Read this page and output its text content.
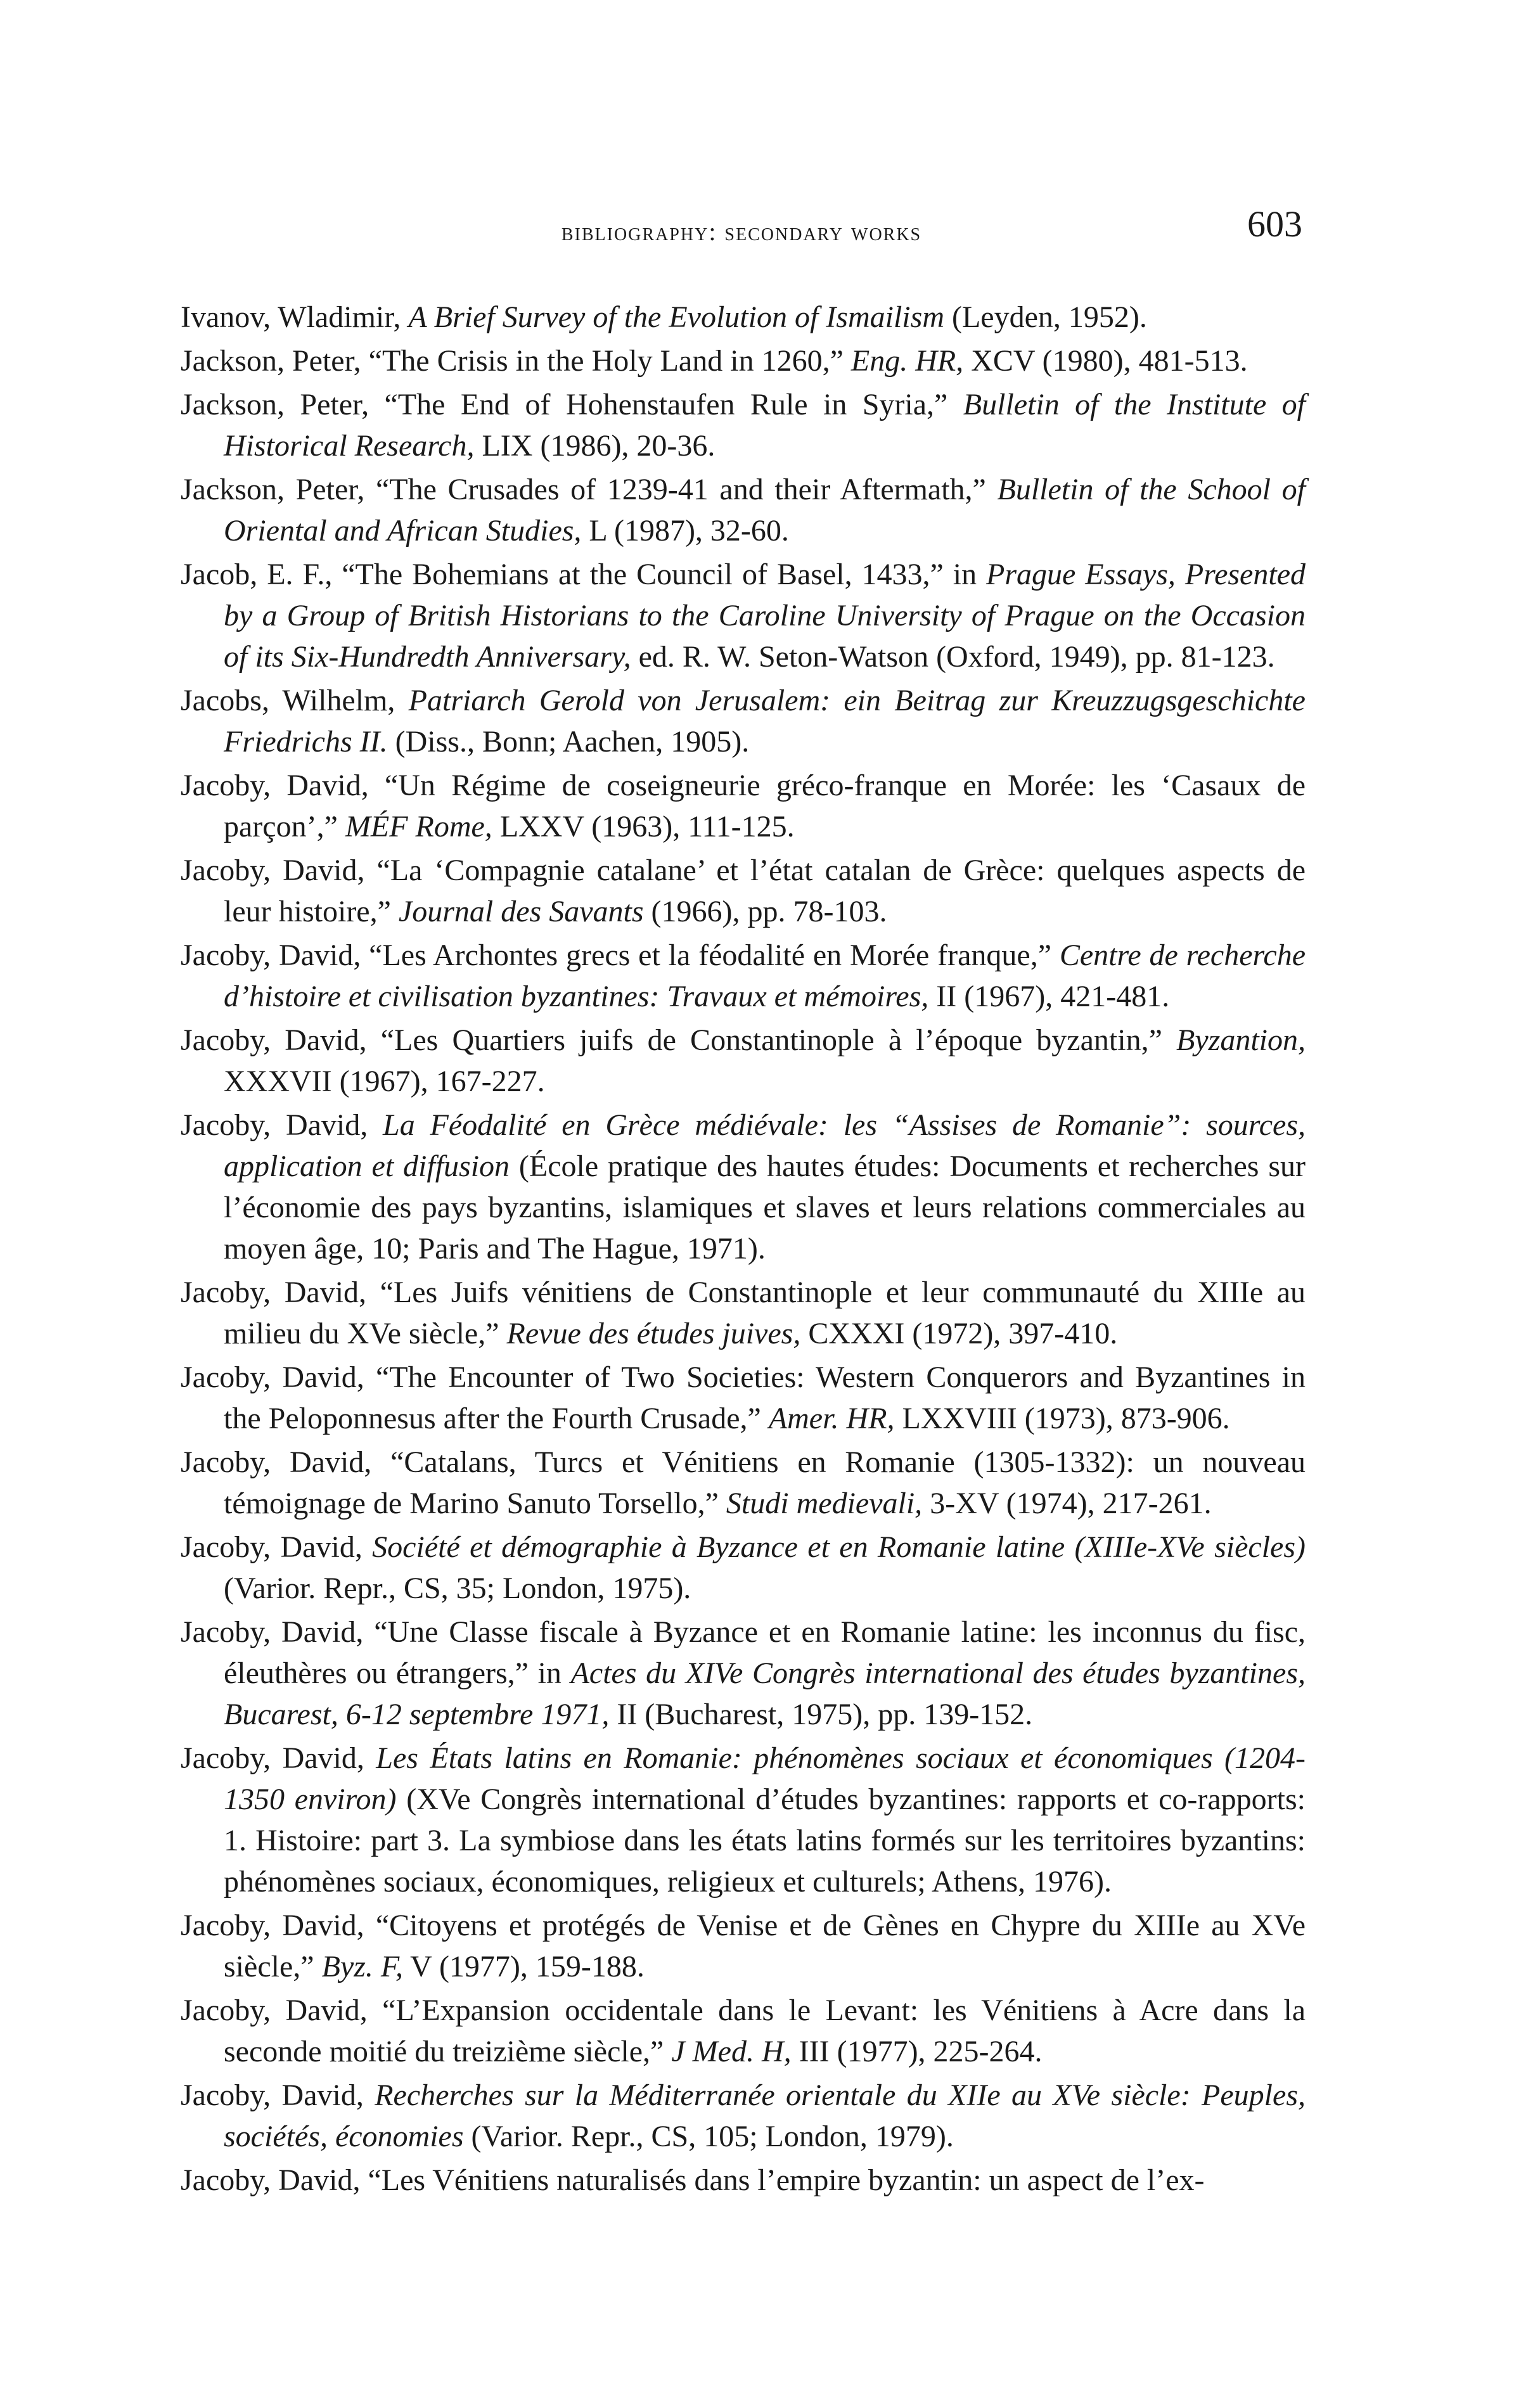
bibliography: secondary works	603

Ivanov, Wladimir, A Brief Survey of the Evolution of Ismailism (Leyden, 1952).

Jackson, Peter, “The Crisis in the Holy Land in 1260,” Eng. HR, XCV (1980), 481-513.

Jackson, Peter, “The End of Hohenstaufen Rule in Syria,” Bulletin of the Institute of Historical Research, LIX (1986), 20-36.

Jackson, Peter, “The Crusades of 1239-41 and their Aftermath,” Bulletin of the School of Oriental and African Studies, L (1987), 32-60.

Jacob, E. F., “The Bohemians at the Council of Basel, 1433,” in Prague Essays, Presented by a Group of British Historians to the Caroline University of Prague on the Occasion of its Six-Hundredth Anniversary, ed. R. W. Seton-Watson (Oxford, 1949), pp. 81-123.

Jacobs, Wilhelm, Patriarch Gerold von Jerusalem: ein Beitrag zur Kreuzzugsgeschichte Friedrichs II. (Diss., Bonn; Aachen, 1905).

Jacoby, David, “Un Régime de coseigneurie gréco-franque en Morée: les ‘Casaux de parçon’,” MÉF Rome, LXXV (1963), 111-125.

Jacoby, David, “La ‘Compagnie catalane’ et l’état catalan de Grèce: quelques aspects de leur histoire,” Journal des Savants (1966), pp. 78-103.

Jacoby, David, “Les Archontes grecs et la féodalité en Morée franque,” Centre de recherche d’histoire et civilisation byzantines: Travaux et mémoires, II (1967), 421-481.

Jacoby, David, “Les Quartiers juifs de Constantinople à l’époque byzantin,” Byzantion, XXXVII (1967), 167-227.

Jacoby, David, La Féodalité en Grèce médiévale: les “Assises de Romanie”: sources, application et diffusion (École pratique des hautes études: Documents et recherches sur l’économie des pays byzantins, islamiques et slaves et leurs relations commerciales au moyen âge, 10; Paris and The Hague, 1971).

Jacoby, David, “Les Juifs vénitiens de Constantinople et leur communauté du XIIIe au milieu du XVe siècle,” Revue des études juives, CXXXI (1972), 397-410.

Jacoby, David, “The Encounter of Two Societies: Western Conquerors and Byzantines in the Peloponnesus after the Fourth Crusade,” Amer. HR, LXXVIII (1973), 873-906.

Jacoby, David, “Catalans, Turcs et Vénitiens en Romanie (1305-1332): un nouveau témoignage de Marino Sanuto Torsello,” Studi medievali, 3-XV (1974), 217-261.

Jacoby, David, Société et démographie à Byzance et en Romanie latine (XIIIe-XVe siècles) (Varior. Repr., CS, 35; London, 1975).

Jacoby, David, “Une Classe fiscale à Byzance et en Romanie latine: les inconnus du fisc, éleuthères ou étrangers,” in Actes du XIVe Congrès international des études byzantines, Bucarest, 6-12 septembre 1971, II (Bucharest, 1975), pp. 139-152.

Jacoby, David, Les États latins en Romanie: phénomènes sociaux et économiques (1204-1350 environ) (XVe Congrès international d’études byzantines: rapports et co-rapports: 1. Histoire: part 3. La symbiose dans les états latins formés sur les territoires byzantins: phénomènes sociaux, économiques, religieux et culturels; Athens, 1976).

Jacoby, David, “Citoyens et protégés de Venise et de Gènes en Chypre du XIIIe au XVe siècle,” Byz. F, V (1977), 159-188.

Jacoby, David, “L’Expansion occidentale dans le Levant: les Vénitiens à Acre dans la seconde moitié du treizième siècle,” J Med. H, III (1977), 225-264.

Jacoby, David, Recherches sur la Méditerranée orientale du XIIe au XVe siècle: Peuples, sociétés, économies (Varior. Repr., CS, 105; London, 1979).

Jacoby, David, “Les Vénitiens naturalisés dans l’empire byzantin: un aspect de l’ex-
